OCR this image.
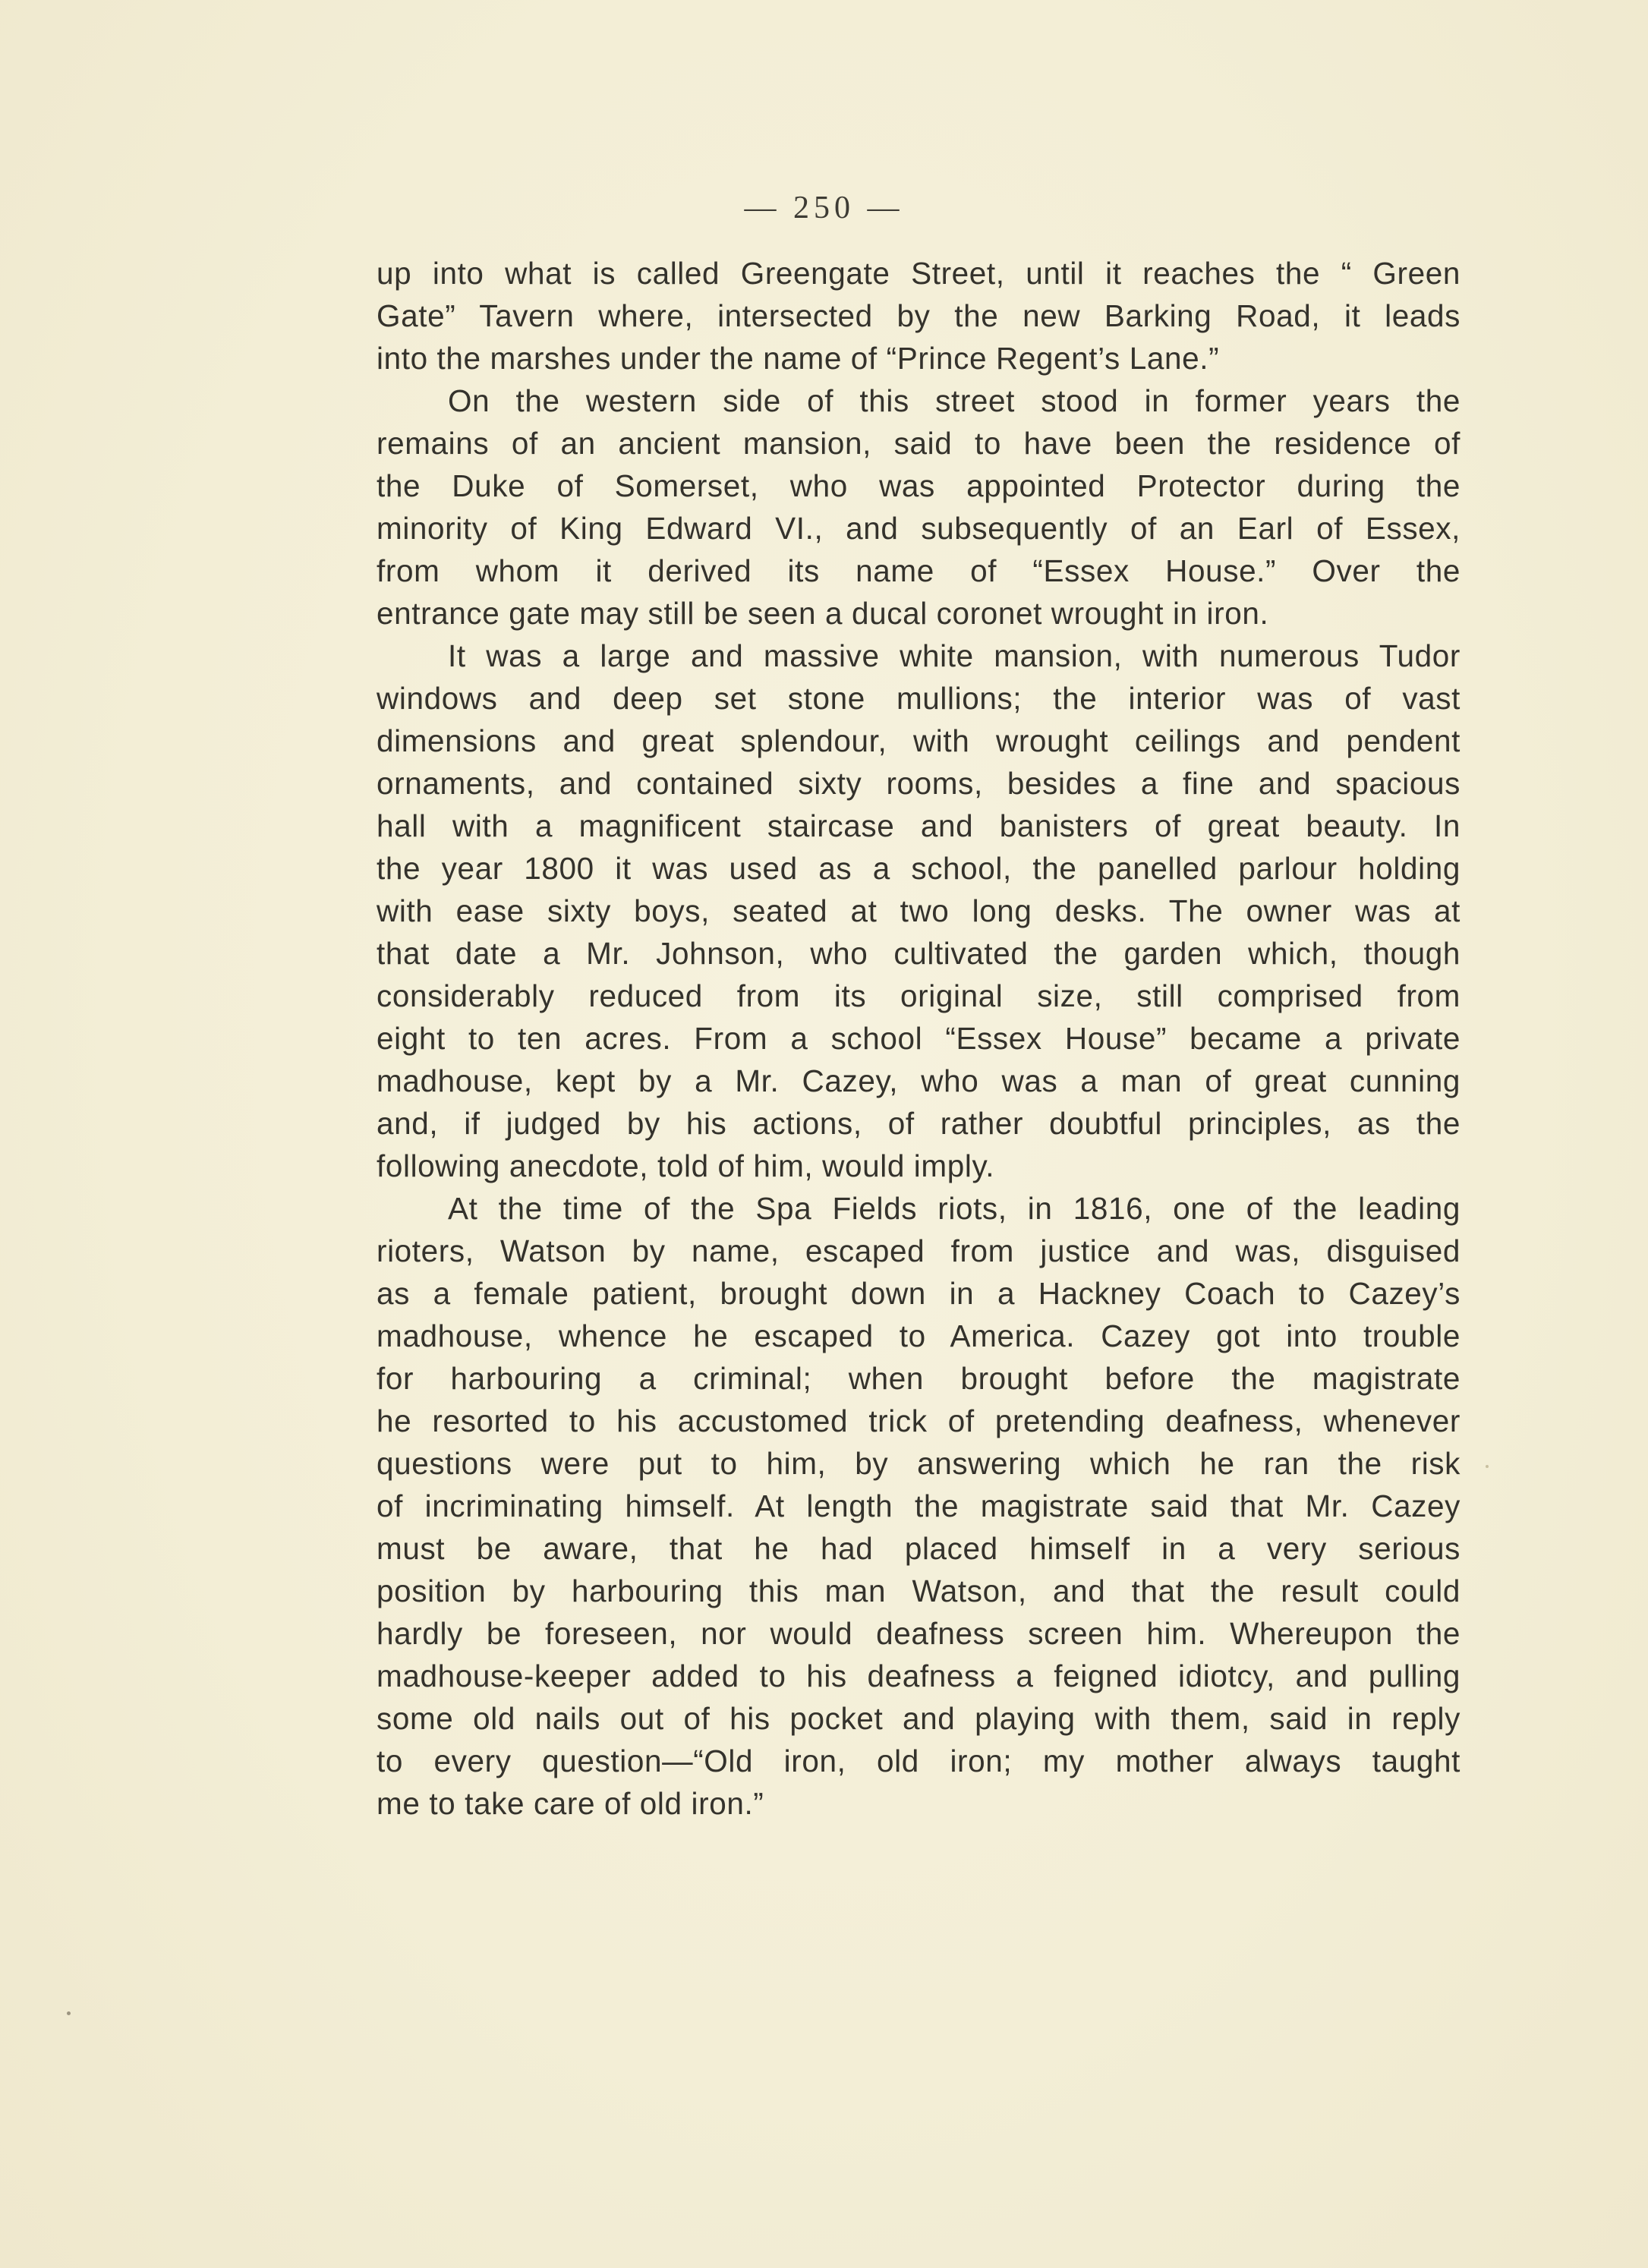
— 250 —
up into what is called Greengate Street, until it reaches the “ Green
Gate” Tavern where, intersected by the new Barking Road, it leads
into the marshes under the name of “Prince Regent’s Lane.”
On the western side of this street stood in former years the
remains of an ancient mansion, said to have been the residence of
the Duke of Somerset, who was appointed Protector during the
minority of King Edward VI., and subsequently of an Earl of Essex,
from whom it derived its name of “Essex House.” Over the
entrance gate may still be seen a ducal coronet wrought in iron.
It was a large and massive white mansion, with numerous Tudor
windows and deep set stone mullions; the interior was of vast
dimensions and great splendour, with wrought ceilings and pendent
ornaments, and contained sixty rooms, besides a fine and spacious
hall with a magnificent staircase and banisters of great beauty. In
the year 1800 it was used as a school, the panelled parlour holding
with ease sixty boys, seated at two long desks. The owner was at
that date a Mr. Johnson, who cultivated the garden which, though
considerably reduced from its original size, still comprised from
eight to ten acres. From a school “Essex House” became a private
madhouse, kept by a Mr. Cazey, who was a man of great cunning
and, if judged by his actions, of rather doubtful principles, as the
following anecdote, told of him, would imply.
At the time of the Spa Fields riots, in 1816, one of the leading
rioters, Watson by name, escaped from justice and was, disguised
as a female patient, brought down in a Hackney Coach to Cazey’s
madhouse, whence he escaped to America. Cazey got into trouble
for harbouring a criminal; when brought before the magistrate
he resorted to his accustomed trick of pretending deafness, whenever
questions were put to him, by answering which he ran the risk
of incriminating himself. At length the magistrate said that Mr. Cazey
must be aware, that he had placed himself in a very serious
position by harbouring this man Watson, and that the result could
hardly be foreseen, nor would deafness screen him. Whereupon the
madhouse-keeper added to his deafness a feigned idiotcy, and pulling
some old nails out of his pocket and playing with them, said in reply
to every question—“Old iron, old iron; my mother always taught
me to take care of old iron.”
